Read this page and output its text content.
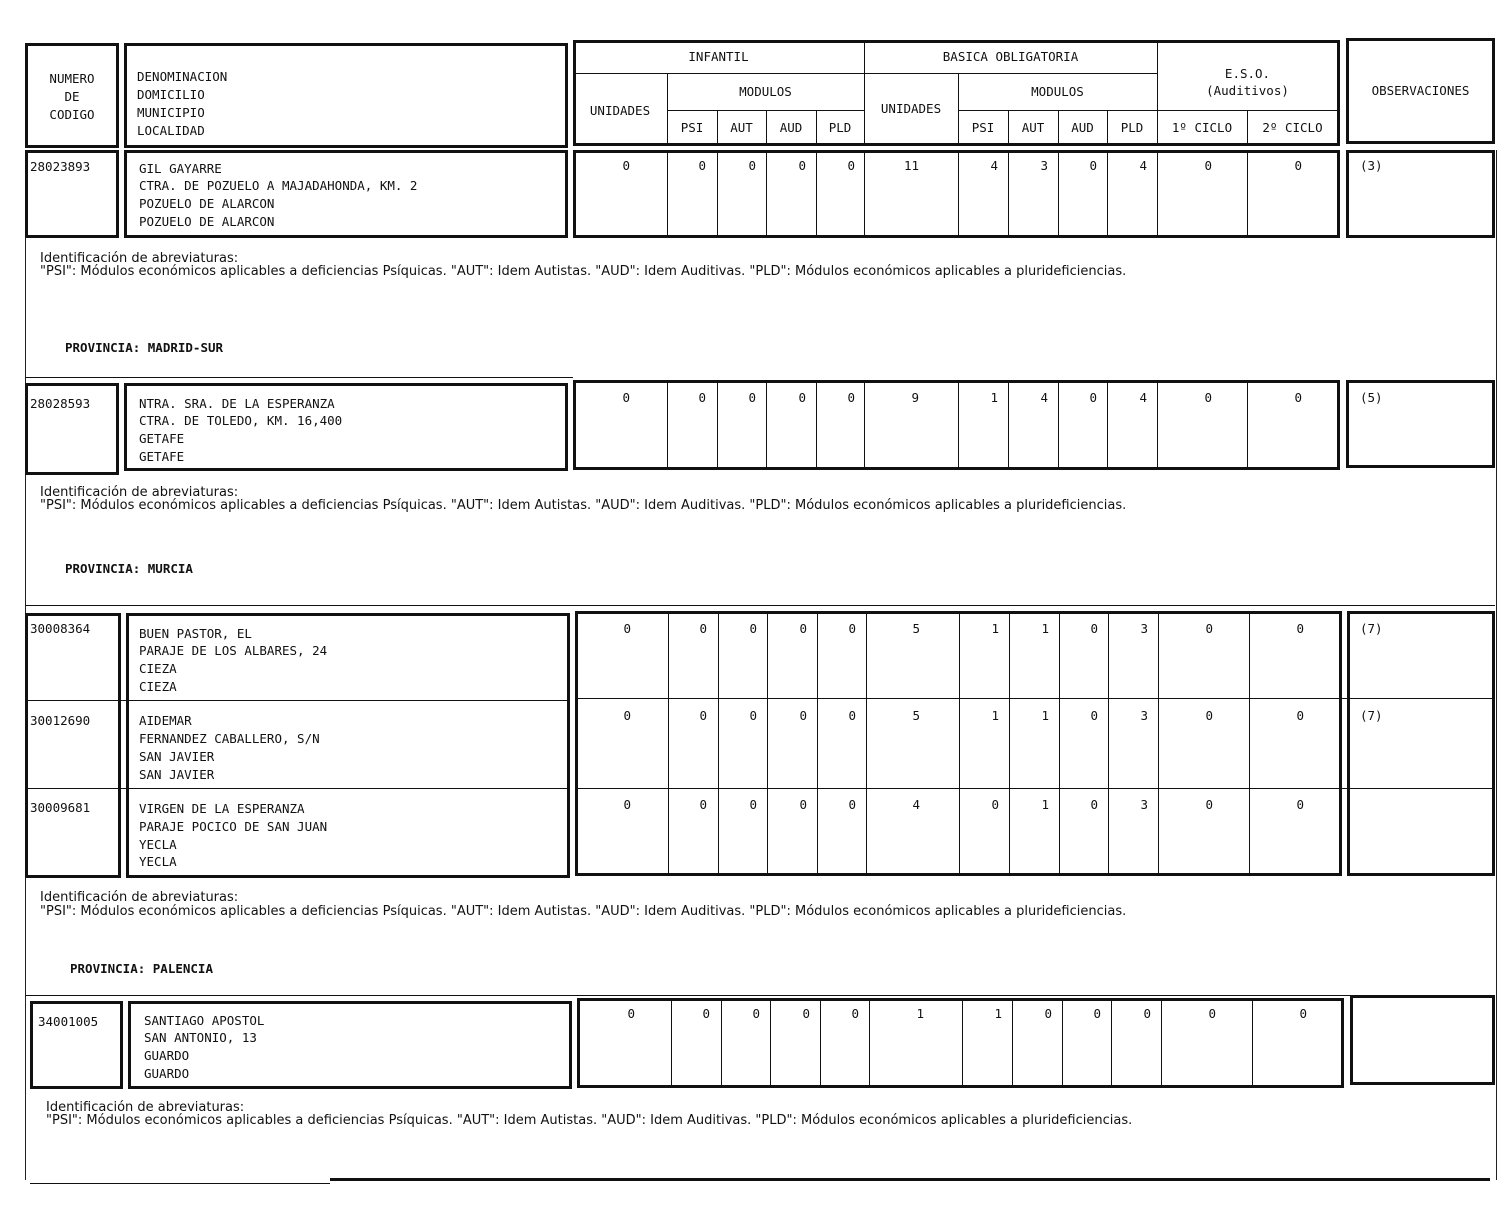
NUMERO
DE
CODIGO
DENOMINACION
DOMICILIO
MUNICIPIO
LOCALIDAD
INFANTIL	BASICA OBLIGATORIA
E.S.O.
(Auditivos)
UNIDADES	UNIDADES
MODULOS	MODULOS
PSI	AUT	AUD	PLD	PSI	AUT	AUD	PLD	1º CICLO	2º CICLO
OBSERVACIONES
28023893	GIL GAYARRE
CTRA. DE POZUELO A MAJADAHONDA, KM. 2
POZUELO DE ALARCON
POZUELO DE ALARCON
0	0	0	0	0	11	4	3	0	4	0	0	(3)
Identificación de abreviaturas:
"PSI": Módulos económicos aplicables a deficiencias Psíquicas. "AUT": Idem Autistas. "AUD": Idem Auditivas. "PLD": Módulos económicos aplicables a plurideficiencias.
PROVINCIA: MADRID-SUR
28028593	NTRA. SRA. DE LA ESPERANZA
CTRA. DE TOLEDO, KM. 16,400
GETAFE
GETAFE
0	0	0	0	0	9	1	4	0	4	0	0	(5)
Identificación de abreviaturas:
"PSI": Módulos económicos aplicables a deficiencias Psíquicas. "AUT": Idem Autistas. "AUD": Idem Auditivas. "PLD": Módulos económicos aplicables a plurideficiencias.
PROVINCIA: MURCIA
30008364	BUEN PASTOR, EL
PARAJE DE LOS ALBARES, 24
CIEZA
CIEZA
0	0	0	0	0	5	1	1	0	3	0	0	(7)
30012690	AIDEMAR
FERNANDEZ CABALLERO, S/N
SAN JAVIER
SAN JAVIER
0	0	0	0	0	5	1	1	0	3	0	0	(7)
30009681	VIRGEN DE LA ESPERANZA
PARAJE POCICO DE SAN JUAN
YECLA
YECLA
0	0	0	0	0	4	0	1	0	3	0	0
Identificación de abreviaturas:
"PSI": Módulos económicos aplicables a deficiencias Psíquicas. "AUT": Idem Autistas. "AUD": Idem Auditivas. "PLD": Módulos económicos aplicables a plurideficiencias.
PROVINCIA: PALENCIA
34001005	SANTIAGO APOSTOL
SAN ANTONIO, 13
GUARDO
GUARDO
0	0	0	0	0	1	1	0	0	0	0	0
Identificación de abreviaturas:
"PSI": Módulos económicos aplicables a deficiencias Psíquicas. "AUT": Idem Autistas. "AUD": Idem Auditivas. "PLD": Módulos económicos aplicables a plurideficiencias.
